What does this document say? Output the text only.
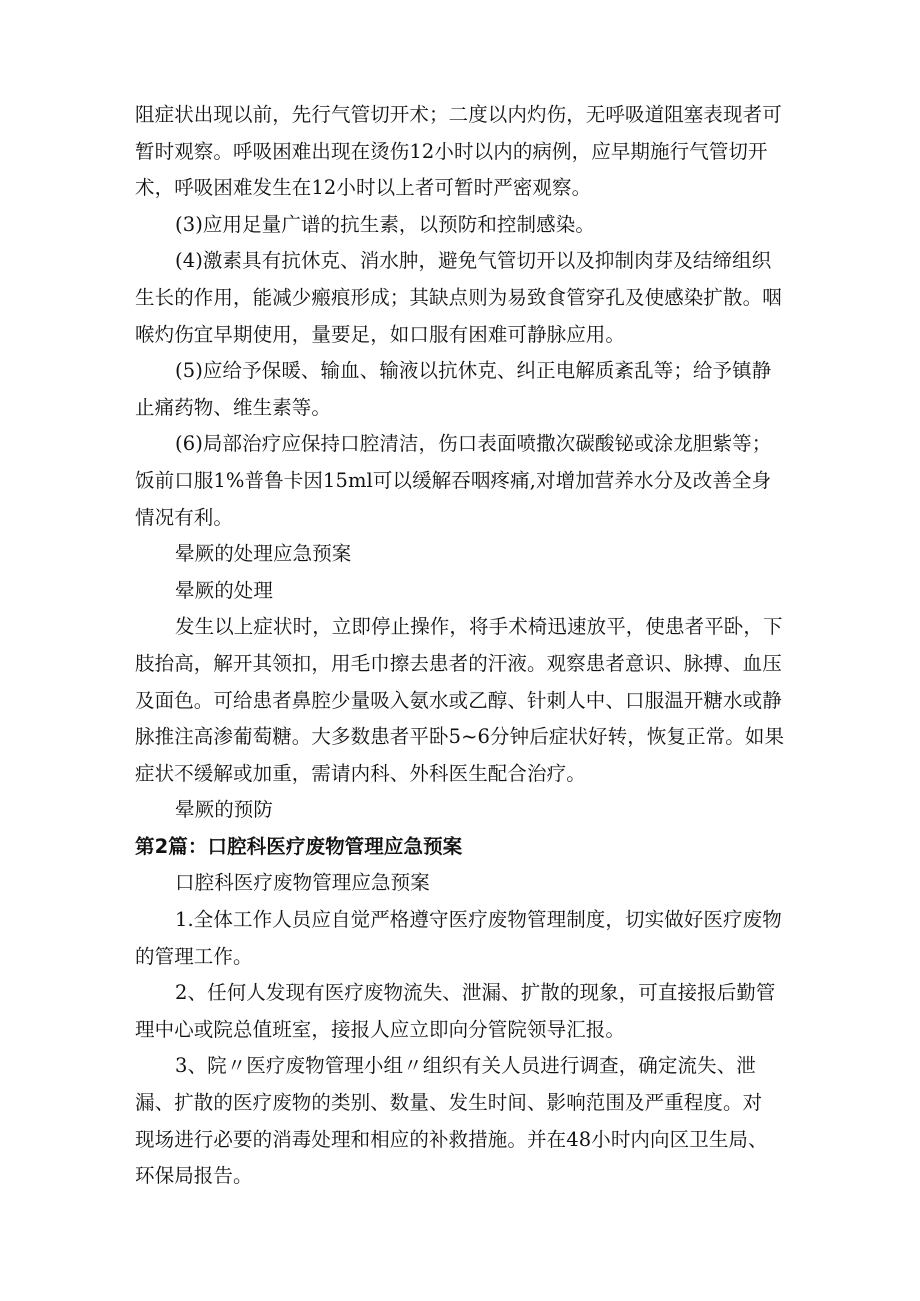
阻症状出现以前，先行气管切开术；二度以内灼伤，无呼吸道阻塞表现者可
暂时观察。呼吸困难出现在烫伤12小时以内的病例，应早期施行气管切开
术，呼吸困难发生在12小时以上者可暂时严密观察。
(3)应用足量广谱的抗生素，以预防和控制感染。
(4)激素具有抗休克、消水肿，避免气管切开以及抑制肉芽及结缔组织
生长的作用，能减少瘢痕形成；其缺点则为易致食管穿孔及使感染扩散。咽
喉灼伤宜早期使用，量要足，如口服有困难可静脉应用。
(5)应给予保暖、输血、输液以抗休克、纠正电解质紊乱等；给予镇静
止痛药物、维生素等。
(6)局部治疗应保持口腔清洁，伤口表面喷撒次碳酸铋或涂龙胆紫等；
饭前口服1%普鲁卡因15ml可以缓解吞咽疼痛,对增加营养水分及改善全身
情况有利。
晕厥的处理应急预案
晕厥的处理
发生以上症状时，立即停止操作，将手术椅迅速放平，使患者平卧，下
肢抬高，解开其领扣，用毛巾擦去患者的汗液。观察患者意识、脉搏、血压
及面色。可给患者鼻腔少量吸入氨水或乙醇、针刺人中、口服温开糖水或静
脉推注高渗葡萄糖。大多数患者平卧5~6分钟后症状好转，恢复正常。如果
症状不缓解或加重，需请内科、外科医生配合治疗。
晕厥的预防
第2篇：口腔科医疗废物管理应急预案
口腔科医疗废物管理应急预案
1.全体工作人员应自觉严格遵守医疗废物管理制度，切实做好医疗废物
的管理工作。
2、任何人发现有医疗废物流失、泄漏、扩散的现象，可直接报后勤管
理中心或院总值班室，接报人应立即向分管院领导汇报。
3、院〃医疗废物管理小组〃组织有关人员进行调查，确定流失、泄
漏、扩散的医疗废物的类别、数量、发生时间、影响范围及严重程度。对
现场进行必要的消毒处理和相应的补救措施。并在48小时内向区卫生局、
环保局报告。
